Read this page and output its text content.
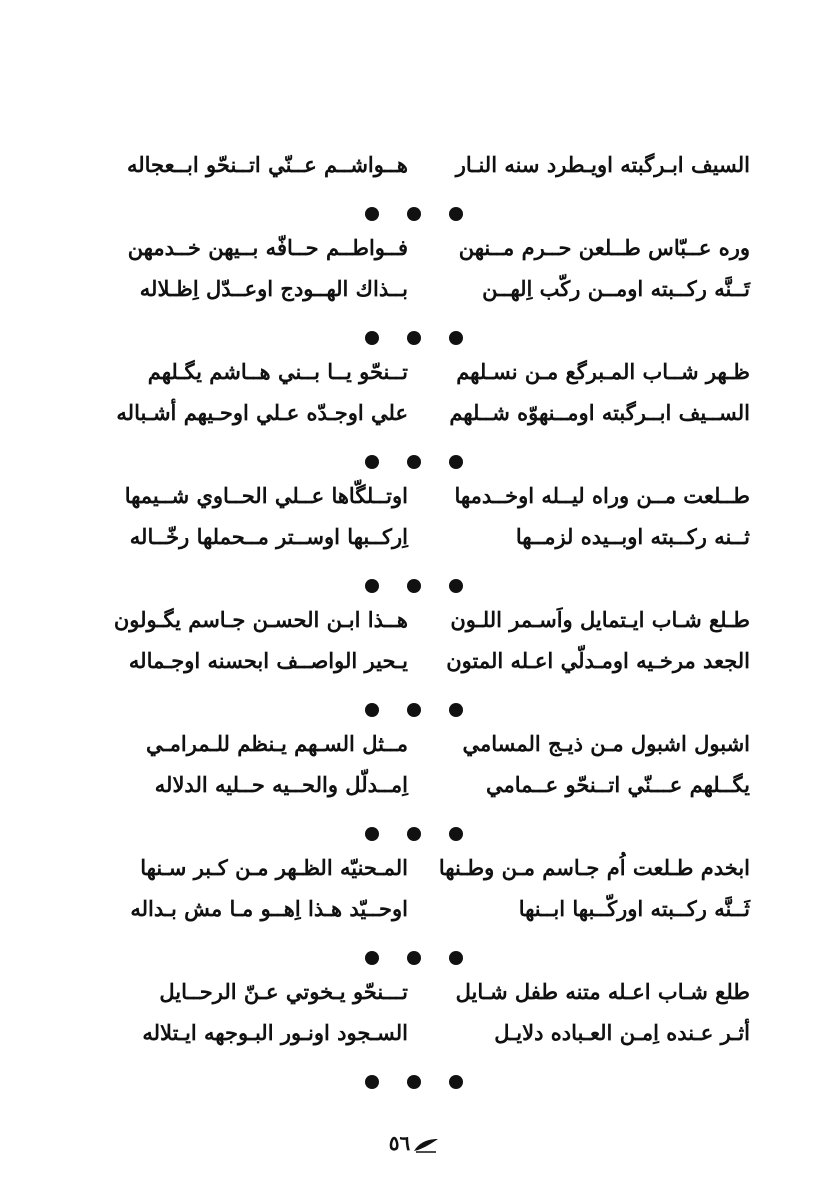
السيف ابـرگبته اويـطرد سنه النـار
هــواشــم عــنّي اتــنحّو ابــعجاله
وره عــبّاس طــلعن حــرم مــنهن
فــواطــم حــافّه بــيهن خــدمهن
تَــنَّه ركــبته اومــن ركّب اِلهــن
بــذاك الهــودج اوعــدّل اِظـلاله
ظـهر شــاب المـبرگع مـن نسـلهم
تــنحّو يــا بــني هــاشم يگـلهم
الســيف ابــرگبته اومــنهوّه شــلهم
علي اوجـدّه عـلي اوحـيهم أشـباله
طــلعت مــن وراه ليــله اوخــدمها
اوتــلگّاها عــلي الحــاوي شــيمها
ثــنه ركــبته اوبــيده لزمــها
اِركــبها اوســتر مــحملها رخّــاله
طـلع شـاب ايـتمايل واَسـمر اللـون
هــذا ابـن الحسـن جـاسم يگـولون
الجعد مرخـيه اومـدلّي اعـله المتون
يـحير الواصــف ابحسنه اوجـماله
اشبول اشبول مـن ذيـج المسامي
مــثل السـهم يـنظم للـمرامـي
يگــلهم عـــنّي اتــنحّو عــمامي
اِمــدلّل والحــيه حــليه الدلاله
ابخدم طـلعت اُم جـاسم مـن وطـنها
المـحنيّه الظـهر مـن كـبر سـنها
ثَــنَّه ركــبته اوركّــبها ابــنها
اوحــيّد هـذا اِهــو مـا مش بـداله
طلع شـاب اعـله متنه طفل شـايل
تـــنحّو يـخوتي عـنّ الرحــايل
أثـر عـنده اِمـن العـباده دلايـل
السـجود اونـور البـوجهه ايـتلاله
٥٦
